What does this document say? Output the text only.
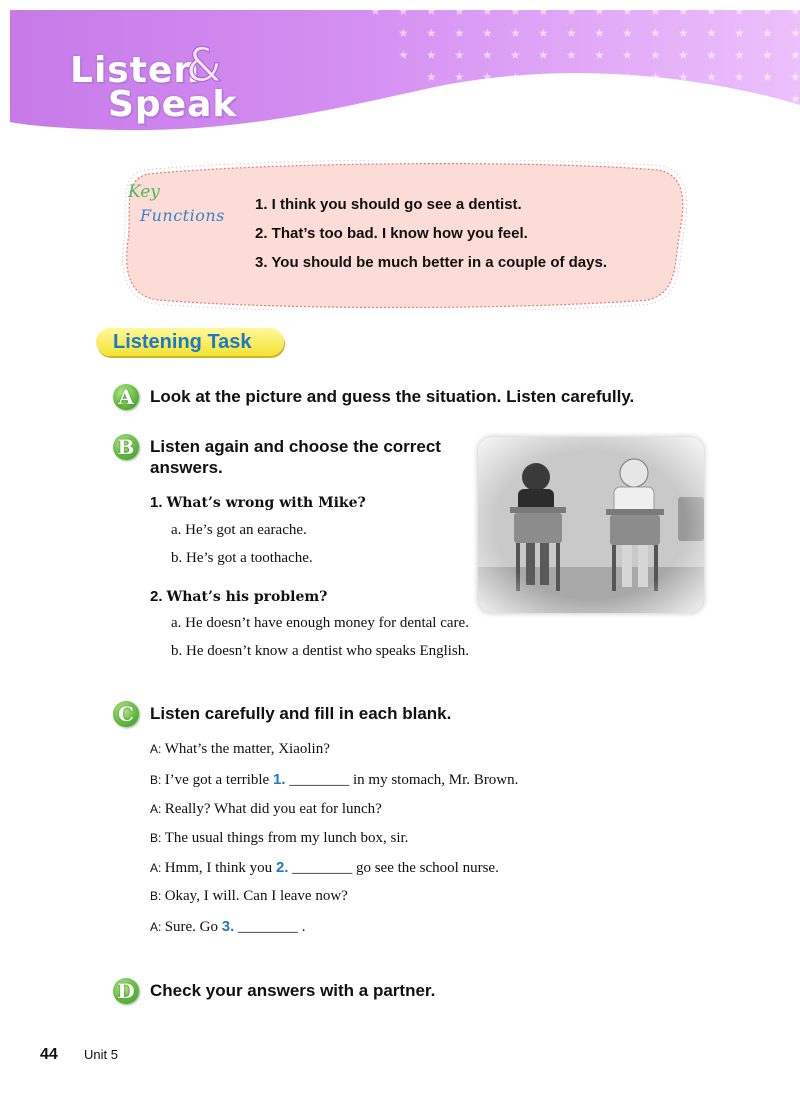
Listen
&
Speak
Key
Functions
1. I think you should go see a dentist.
2. That’s too bad. I know how you feel.
3. You should be much better in a couple of days.
Listening Task
A Look at the picture and guess the situation. Listen carefully.
B Listen again and choose the correct
answers.
1. What’s wrong with Mike?
a. He’s got an earache.
b. He’s got a toothache.
2. What’s his problem?
a. He doesn’t have enough money for dental care.
b. He doesn’t know a dentist who speaks English.
C Listen carefully and fill in each blank.
A: What’s the matter, Xiaolin?
B: I’ve got a terrible 1. ________ in my stomach, Mr. Brown.
A: Really? What did you eat for lunch?
B: The usual things from my lunch box, sir.
A: Hmm, I think you 2. ________ go see the school nurse.
B: Okay, I will. Can I leave now?
A: Sure. Go 3. ________ .
D Check your answers with a partner.
44 Unit 5
